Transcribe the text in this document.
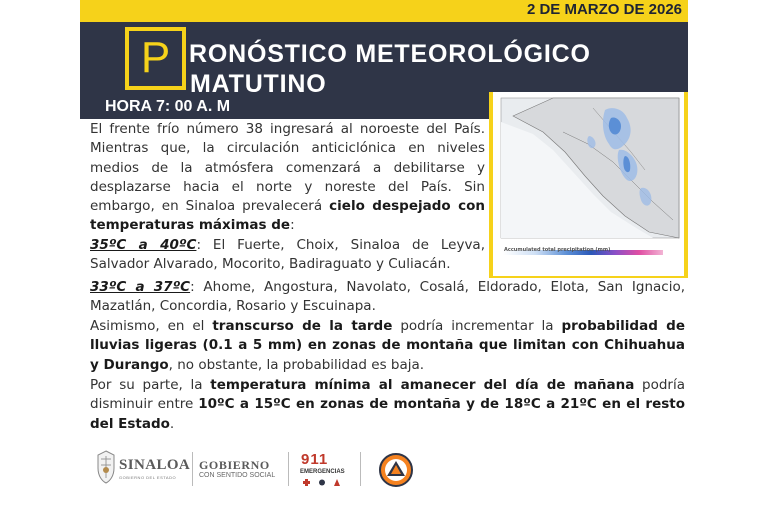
2 DE MARZO DE 2026
P RONÓSTICO METEOROLÓGICO
MATUTINO
HORA 7: 00 A. M
Accumulated total precipitation (mm)
El frente frío número 38 ingresará al noroeste del País. Mientras que, la circulación anticiclónica en niveles medios de la atmósfera comenzará a debilitarse y desplazarse hacia el norte y noreste del País. Sin embargo, en Sinaloa prevalecerá cielo despejado con temperaturas máximas de:
35ºC a 40ºC: El Fuerte, Choix, Sinaloa de Leyva, Salvador Alvarado, Mocorito, Badiraguato y Culiacán.
33ºC a 37ºC: Ahome, Angostura, Navolato, Cosalá, Eldorado, Elota, San Ignacio, Mazatlán, Concordia, Rosario y Escuinapa.
Asimismo, en el transcurso de la tarde podría incrementar la probabilidad de lluvias ligeras (0.1 a 5 mm) en zonas de montaña que limitan con Chihuahua y Durango, no obstante, la probabilidad es baja.
Por su parte, la temperatura mínima al amanecer del día de mañana podría disminuir entre 10ºC a 15ºC en zonas de montaña y de 18ºC a 21ºC en el resto del Estado.
SINALOA
GOBIERNO DEL ESTADO
GOBIERNO
CON SENTIDO SOCIAL
911
EMERGENCIAS
